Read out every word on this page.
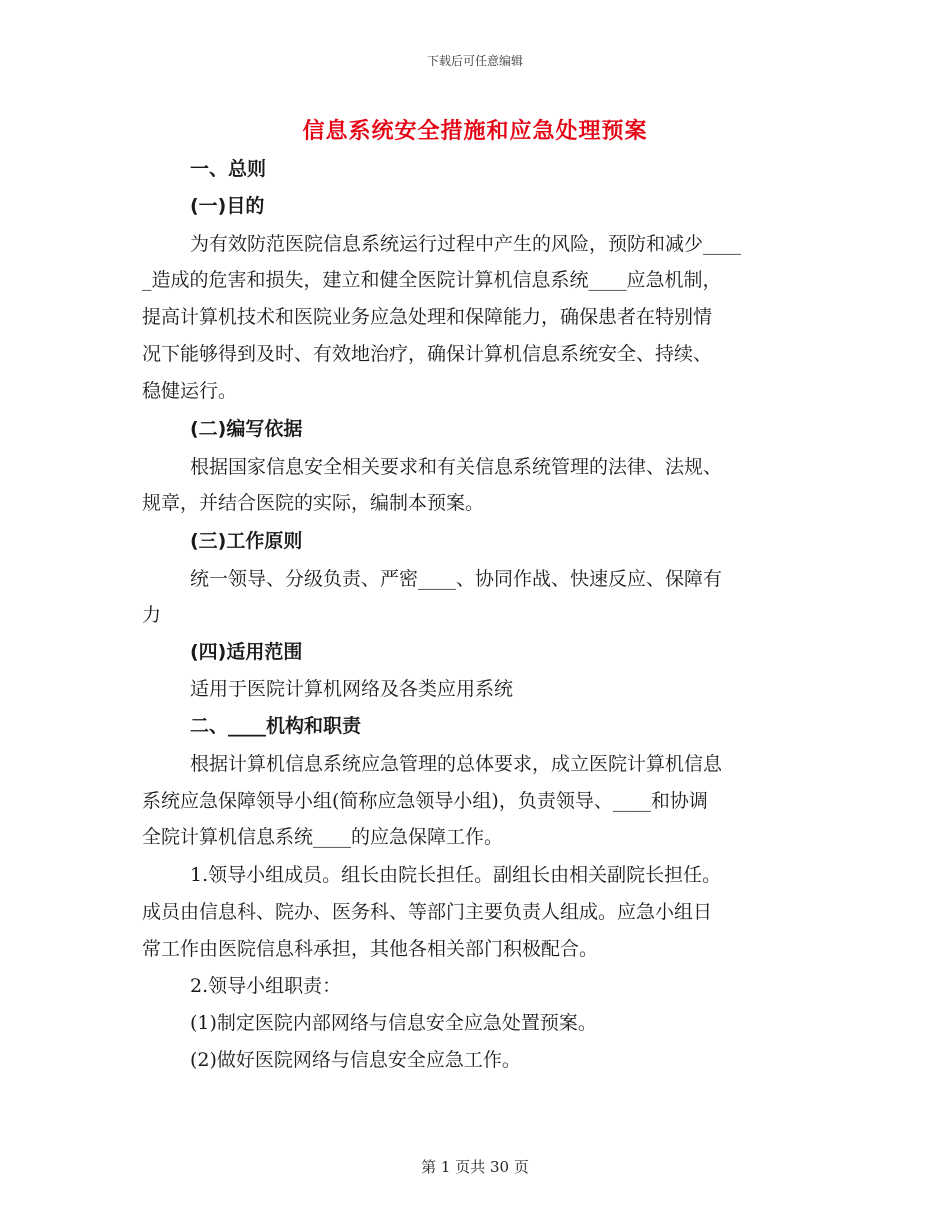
下载后可任意编辑
信息系统安全措施和应急处理预案
一、总则
(一)目的
为有效防范医院信息系统运行过程中产生的风险，预防和减少____
_造成的危害和损失，建立和健全医院计算机信息系统____应急机制，
提高计算机技术和医院业务应急处理和保障能力，确保患者在特别情
况下能够得到及时、有效地治疗，确保计算机信息系统安全、持续、
稳健运行。
(二)编写依据
根据国家信息安全相关要求和有关信息系统管理的法律、法规、
规章，并结合医院的实际，编制本预案。
(三)工作原则
统一领导、分级负责、严密____、协同作战、快速反应、保障有
力
(四)适用范围
适用于医院计算机网络及各类应用系统
二、____机构和职责
根据计算机信息系统应急管理的总体要求，成立医院计算机信息
系统应急保障领导小组(简称应急领导小组)，负责领导、____和协调
全院计算机信息系统____的应急保障工作。
1.领导小组成员。组长由院长担任。副组长由相关副院长担任。
成员由信息科、院办、医务科、等部门主要负责人组成。应急小组日
常工作由医院信息科承担，其他各相关部门积极配合。
2.领导小组职责：
(1)制定医院内部网络与信息安全应急处置预案。
(2)做好医院网络与信息安全应急工作。
第 1 页共 30 页
